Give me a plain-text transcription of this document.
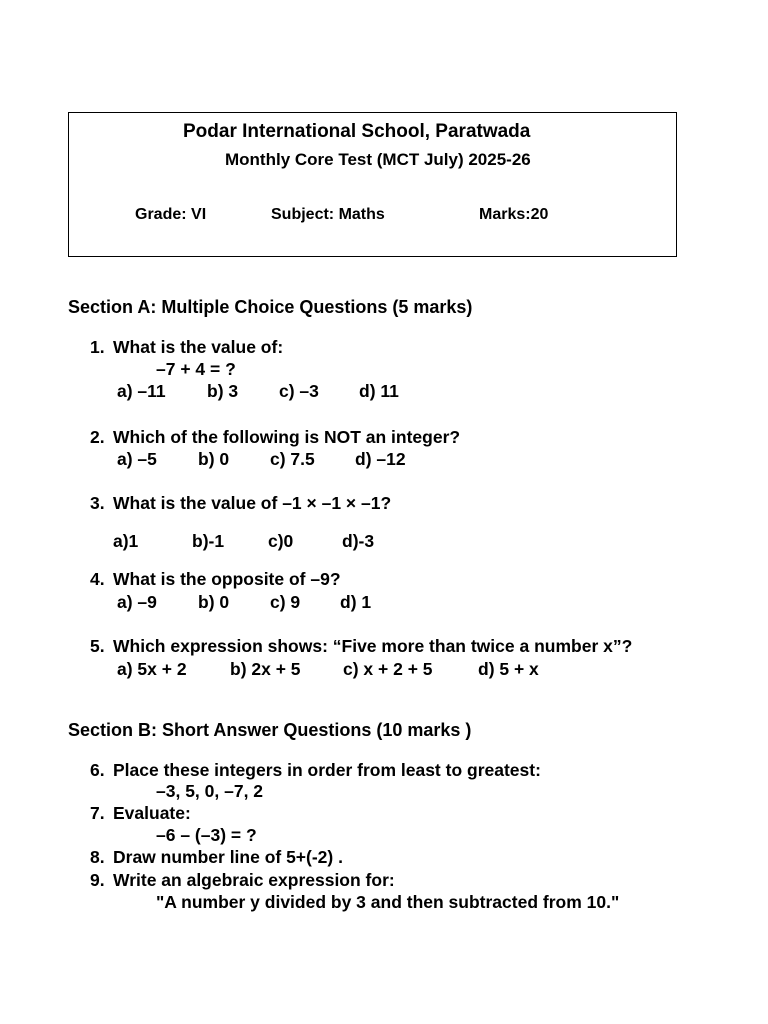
Podar International School, Paratwada
Monthly Core Test (MCT July) 2025-26
Grade: VI	Subject: Maths	Marks:20
Section A: Multiple Choice Questions (5 marks)
1. What is the value of:
–7 + 4 = ?
a) –11 b) 3 c) –3 d) 11
2. Which of the following is NOT an integer?
a) –5 b) 0 c) 7.5 d) –12
3. What is the value of –1 × –1 × –1?
a)1	b)-1	c)0	d)-3
4. What is the opposite of –9?
a) –9 b) 0 c) 9 d) 1
5. Which expression shows: “Five more than twice a number x”?
a) 5x + 2 b) 2x + 5 c) x + 2 + 5	d) 5 + x
Section B: Short Answer Questions (10 marks )
6. Place these integers in order from least to greatest:
–3, 5, 0, –7, 2
7. Evaluate:
–6 – (–3) = ?
8. Draw number line of 5+(-2) .
9. Write an algebraic expression for:
"A number y divided by 3 and then subtracted from 10."
